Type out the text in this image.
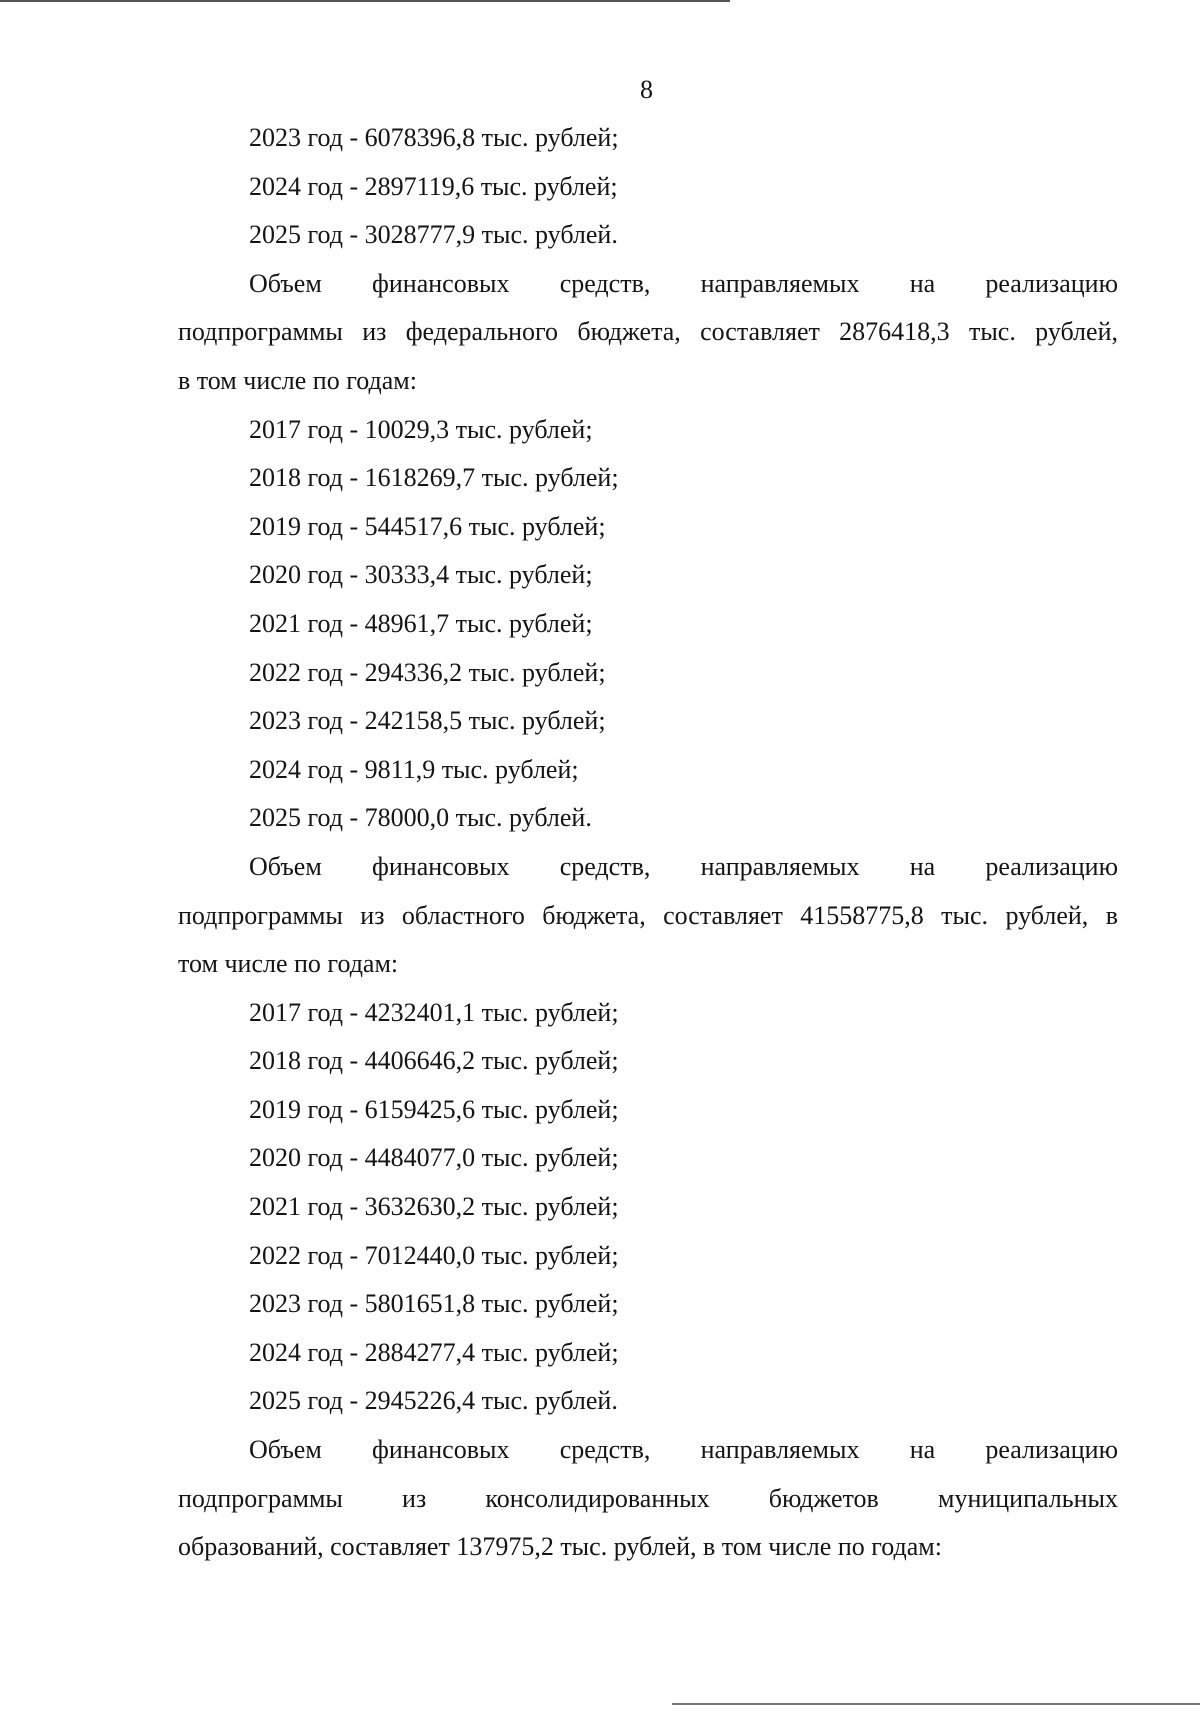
8

2023 год - 6078396,8 тыс. рублей;

2024 год - 2897119,6 тыс. рублей;

2025 год - 3028777,9 тыс. рублей.

Объем финансовых средств, направляемых на реализацию
подпрограммы из федерального бюджета, составляет 2876418,3 тыс. рублей,
в том числе по годам:

2017 год - 10029,3 тыс. рублей;

2018 год - 1618269,7 тыс. рублей;

2019 год - 544517,6 тыс. рублей;

2020 год - 30333,4 тыс. рублей;

2021 год - 48961,7 тыс. рублей;

2022 год - 294336,2 тыс. рублей;

2023 год - 242158,5 тыс. рублей;

2024 год - 9811,9 тыс. рублей;

2025 год - 78000,0 тыс. рублей.

Объем финансовых средств, направляемых на реализацию
подпрограммы из областного бюджета, составляет 41558775,8 тыс. рублей, в
том числе по годам:

2017 год - 4232401,1 тыс. рублей;

2018 год - 4406646,2 тыс. рублей;

2019 год - 6159425,6 тыс. рублей;

2020 год - 4484077,0 тыс. рублей;

2021 год - 3632630,2 тыс. рублей;

2022 год - 7012440,0 тыс. рублей;

2023 год - 5801651,8 тыс. рублей;

2024 год - 2884277,4 тыс. рублей;

2025 год - 2945226,4 тыс. рублей.

Объем финансовых средств, направляемых на реализацию
подпрограммы из консолидированных бюджетов муниципальных
образований, составляет 137975,2 тыс. рублей, в том числе по годам:
